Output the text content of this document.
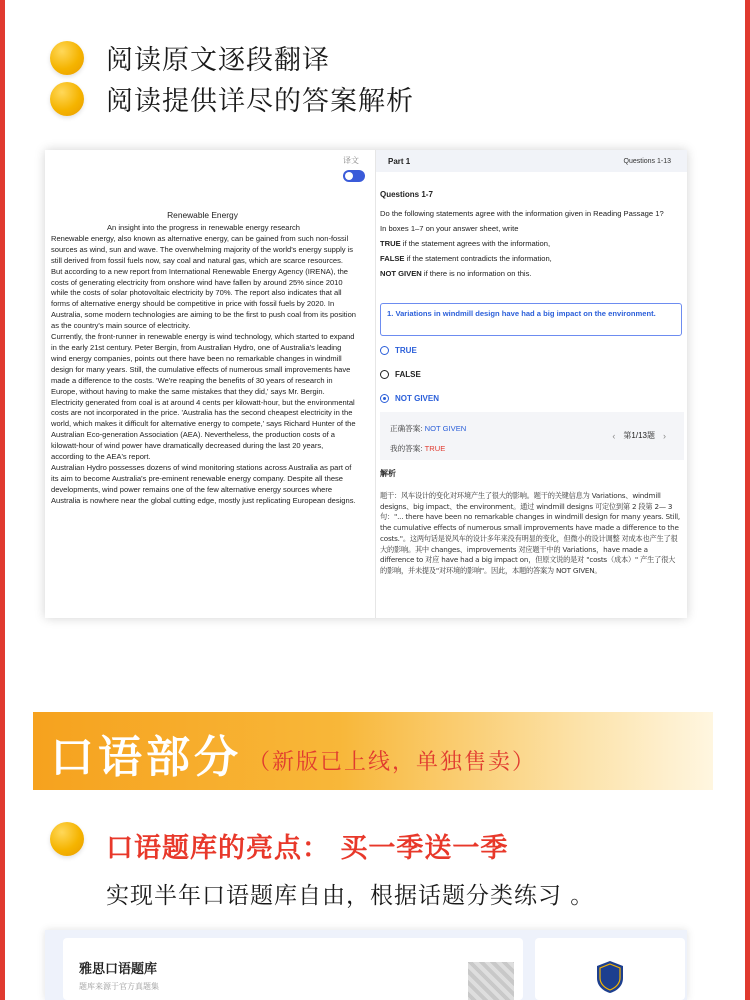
阅读原文逐段翻译
阅读提供详尽的答案解析
译文
Renewable Energy

An insight into the progress in renewable energy research

Renewable energy, also known as alternative energy, can be gained from such non-fossil sources as wind, sun and wave. The overwhelming majority of the world's energy supply is still derived from fossil fuels now, say coal and natural gas, which are scarce resources. But according to a new report from International Renewable Energy Agency (IRENA), the costs of generating electricity from onshore wind have fallen by around 25% since 2010 while the costs of solar photovoltaic electricity by 70%. The report also indicates that all forms of alternative energy should be competitive in price with fossil fuels by 2020. In Australia, some modern technologies are aiming to be the first to push coal from its position as the country's main source of electricity.

Currently, the front-runner in renewable energy is wind technology, which started to expand in the early 21st century. Peter Bergin, from Australian Hydro, one of Australia's leading wind energy companies, points out there have been no remarkable changes in windmill design for many years. Still, the cumulative effects of numerous small improvements have made a difference to the costs. 'We're reaping the benefits of 30 years of research in Europe, without having to make the same mistakes that they did,' says Mr. Bergin. Electricity generated from coal is at around 4 cents per kilowatt-hour, but the environmental costs are not incorporated in the price. 'Australia has the second cheapest electricity in the world, which makes it difficult for alternative energy to compete,' says Richard Hunter of the Australian Eco-generation Association (AEA). Nevertheless, the production costs of a kilowatt-hour of wind power have dramatically decreased during the last 20 years, according to the AEA's report.

Australian Hydro possesses dozens of wind monitoring stations across Australia as part of its aim to become Australia's pre-eminent renewable energy company. Despite all these developments, wind power remains one of the few alternative energy sources where Australia is nowhere near the global cutting edge, mostly just replicating European designs.

Part 1	Questions 1-13
Questions 1-7
Do the following statements agree with the information given in Reading Passage 1?
In boxes 1–7 on your answer sheet, write
TRUE if the statement agrees with the information,
FALSE if the statement contradicts the information,
NOT GIVEN if there is no information on this.
1. Variations in windmill design have had a big impact on the environment.
TRUE
FALSE
NOT GIVEN
正确答案: NOT GIVEN
我的答案: TRUE
‹ 第1/13题 ›
解析
题干：风车设计的变化对环境产生了很大的影响。题干的关键信息为 Variations、windmill designs、big impact、the environment。通过 windmill designs 可定位到第 2 段第 2— 3 句："... there have been no remarkable changes in windmill design for many years. Still, the cumulative effects of numerous small improvements have made a difference to the costs."。这两句话是说风车的设计多年来没有明显的变化，但微小的设计调整 对成本也产生了很大的影响。其中 changes、improvements 对应题干中的 Variations，have made a difference to 对应 have had a big impact on，但原文说的是对 "costs（成本）" 产生了很大的影响，并未提及"对环境的影响"。因此，本题的答案为 NOT GIVEN。
口语部分 （新版已上线，单独售卖）
口语题库的亮点： 买一季送一季
实现半年口语题库自由，根据话题分类练习 。
雅思口语题库
题库来源于官方真题集
